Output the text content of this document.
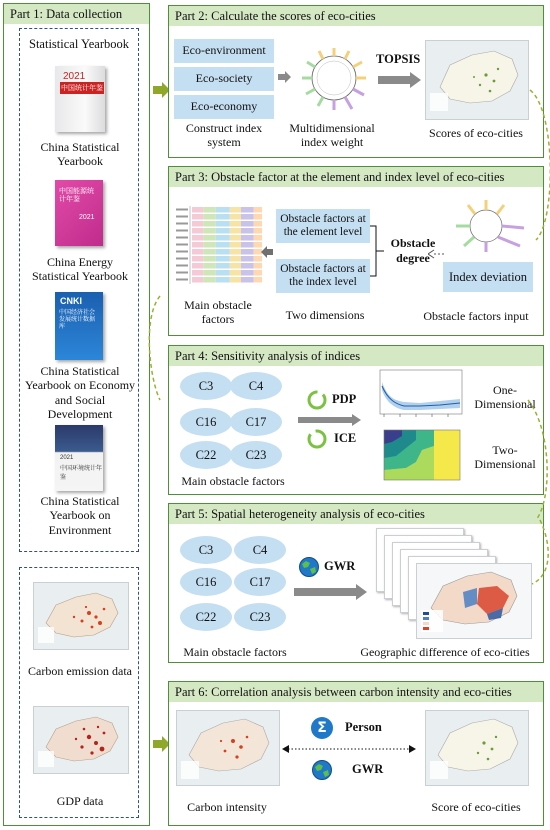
Part 1: Data collection
Statistical Yearbook
2021
中国统计年鉴
China Statistical Yearbook
中国能源统计年鉴
2021
China Energy Statistical Yearbook
CNKI
中国经济社会发展统计数据库
China Statistical Yearbook on Economy and Social Development
2021
中国环境统计年鉴
China Statistical Yearbook on Environment
Carbon emission data
GDP data
Part 2: Calculate the scores of eco-cities
Eco-environment
Eco-society
Eco-economy
Construct index system
Multidimensional index weight
TOPSIS
Scores of eco-cities
Part 3: Obstacle factor at the element and index level of eco-cities
Main obstacle factors
Obstacle factors at the element level
Obstacle factors at the index level
Two dimensions
Obstacle degree
Index deviation
Obstacle factors input
Part 4: Sensitivity analysis of indices
C3	C4
C16	C17
C22	C23
Main obstacle factors
PDP
ICE
One-Dimensional
Two-Dimensional
Part 5: Spatial heterogeneity analysis of eco-cities
C3	C4
C16	C17
C22	C23
Main obstacle factors
GWR
Geographic difference of eco-cities
Part 6: Correlation analysis between carbon intensity and eco-cities
Carbon intensity
Σ	Person
GWR
Score of eco-cities
